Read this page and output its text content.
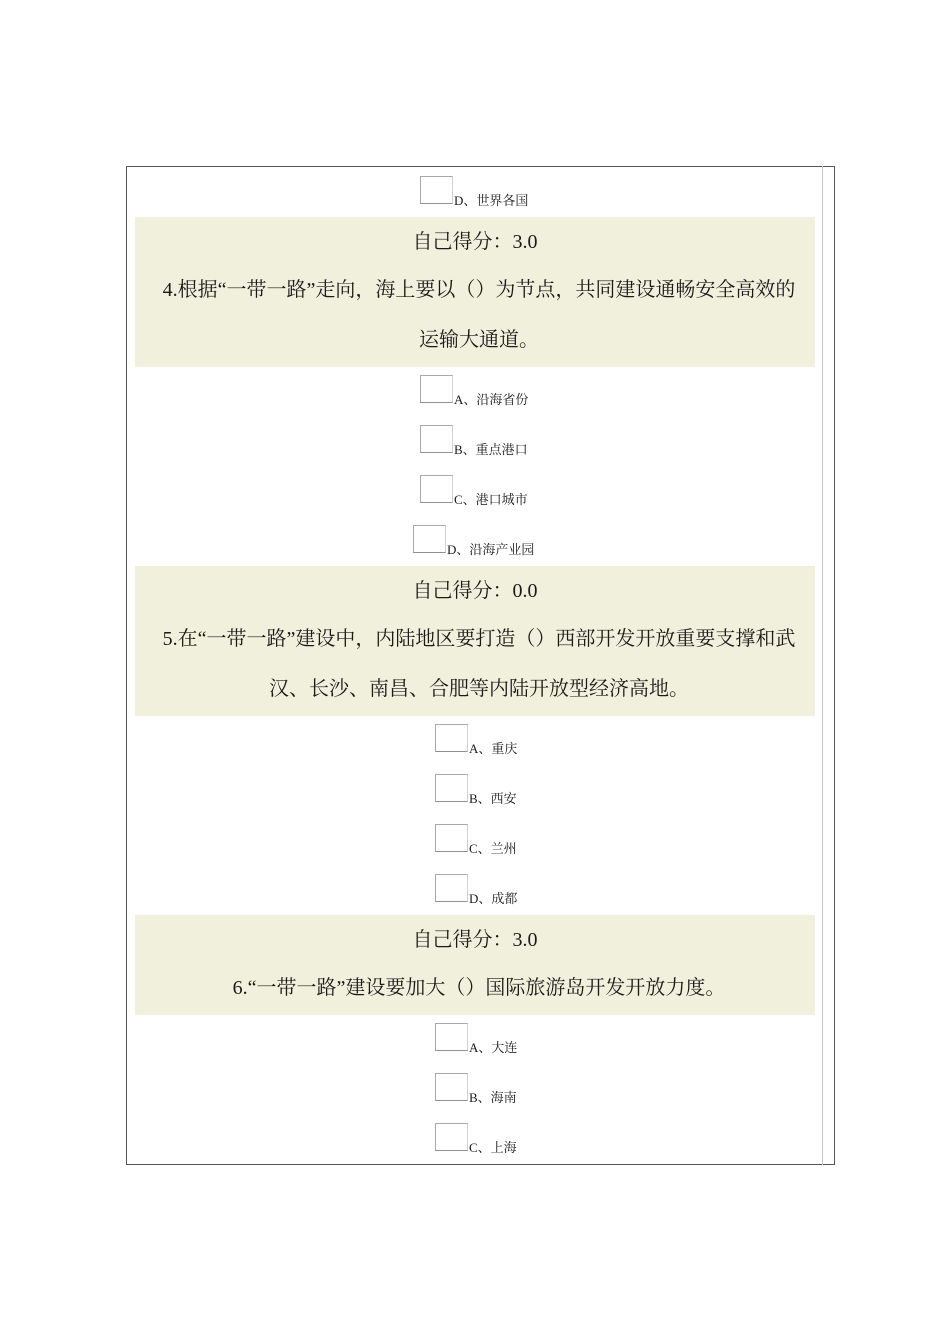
D、世界各国
自己得分：3.0
4.根据“一带一路”走向，海上要以（）为节点，共同建设通畅安全高效的
运输大通道。
A、沿海省份
B、重点港口
C、港口城市
D、沿海产业园
自己得分：0.0
5.在“一带一路”建设中，内陆地区要打造（）西部开发开放重要支撑和武
汉、长沙、南昌、合肥等内陆开放型经济高地。
A、重庆
B、西安
C、兰州
D、成都
自己得分：3.0
6.“一带一路”建设要加大（）国际旅游岛开发开放力度。
A、大连
B、海南
C、上海
